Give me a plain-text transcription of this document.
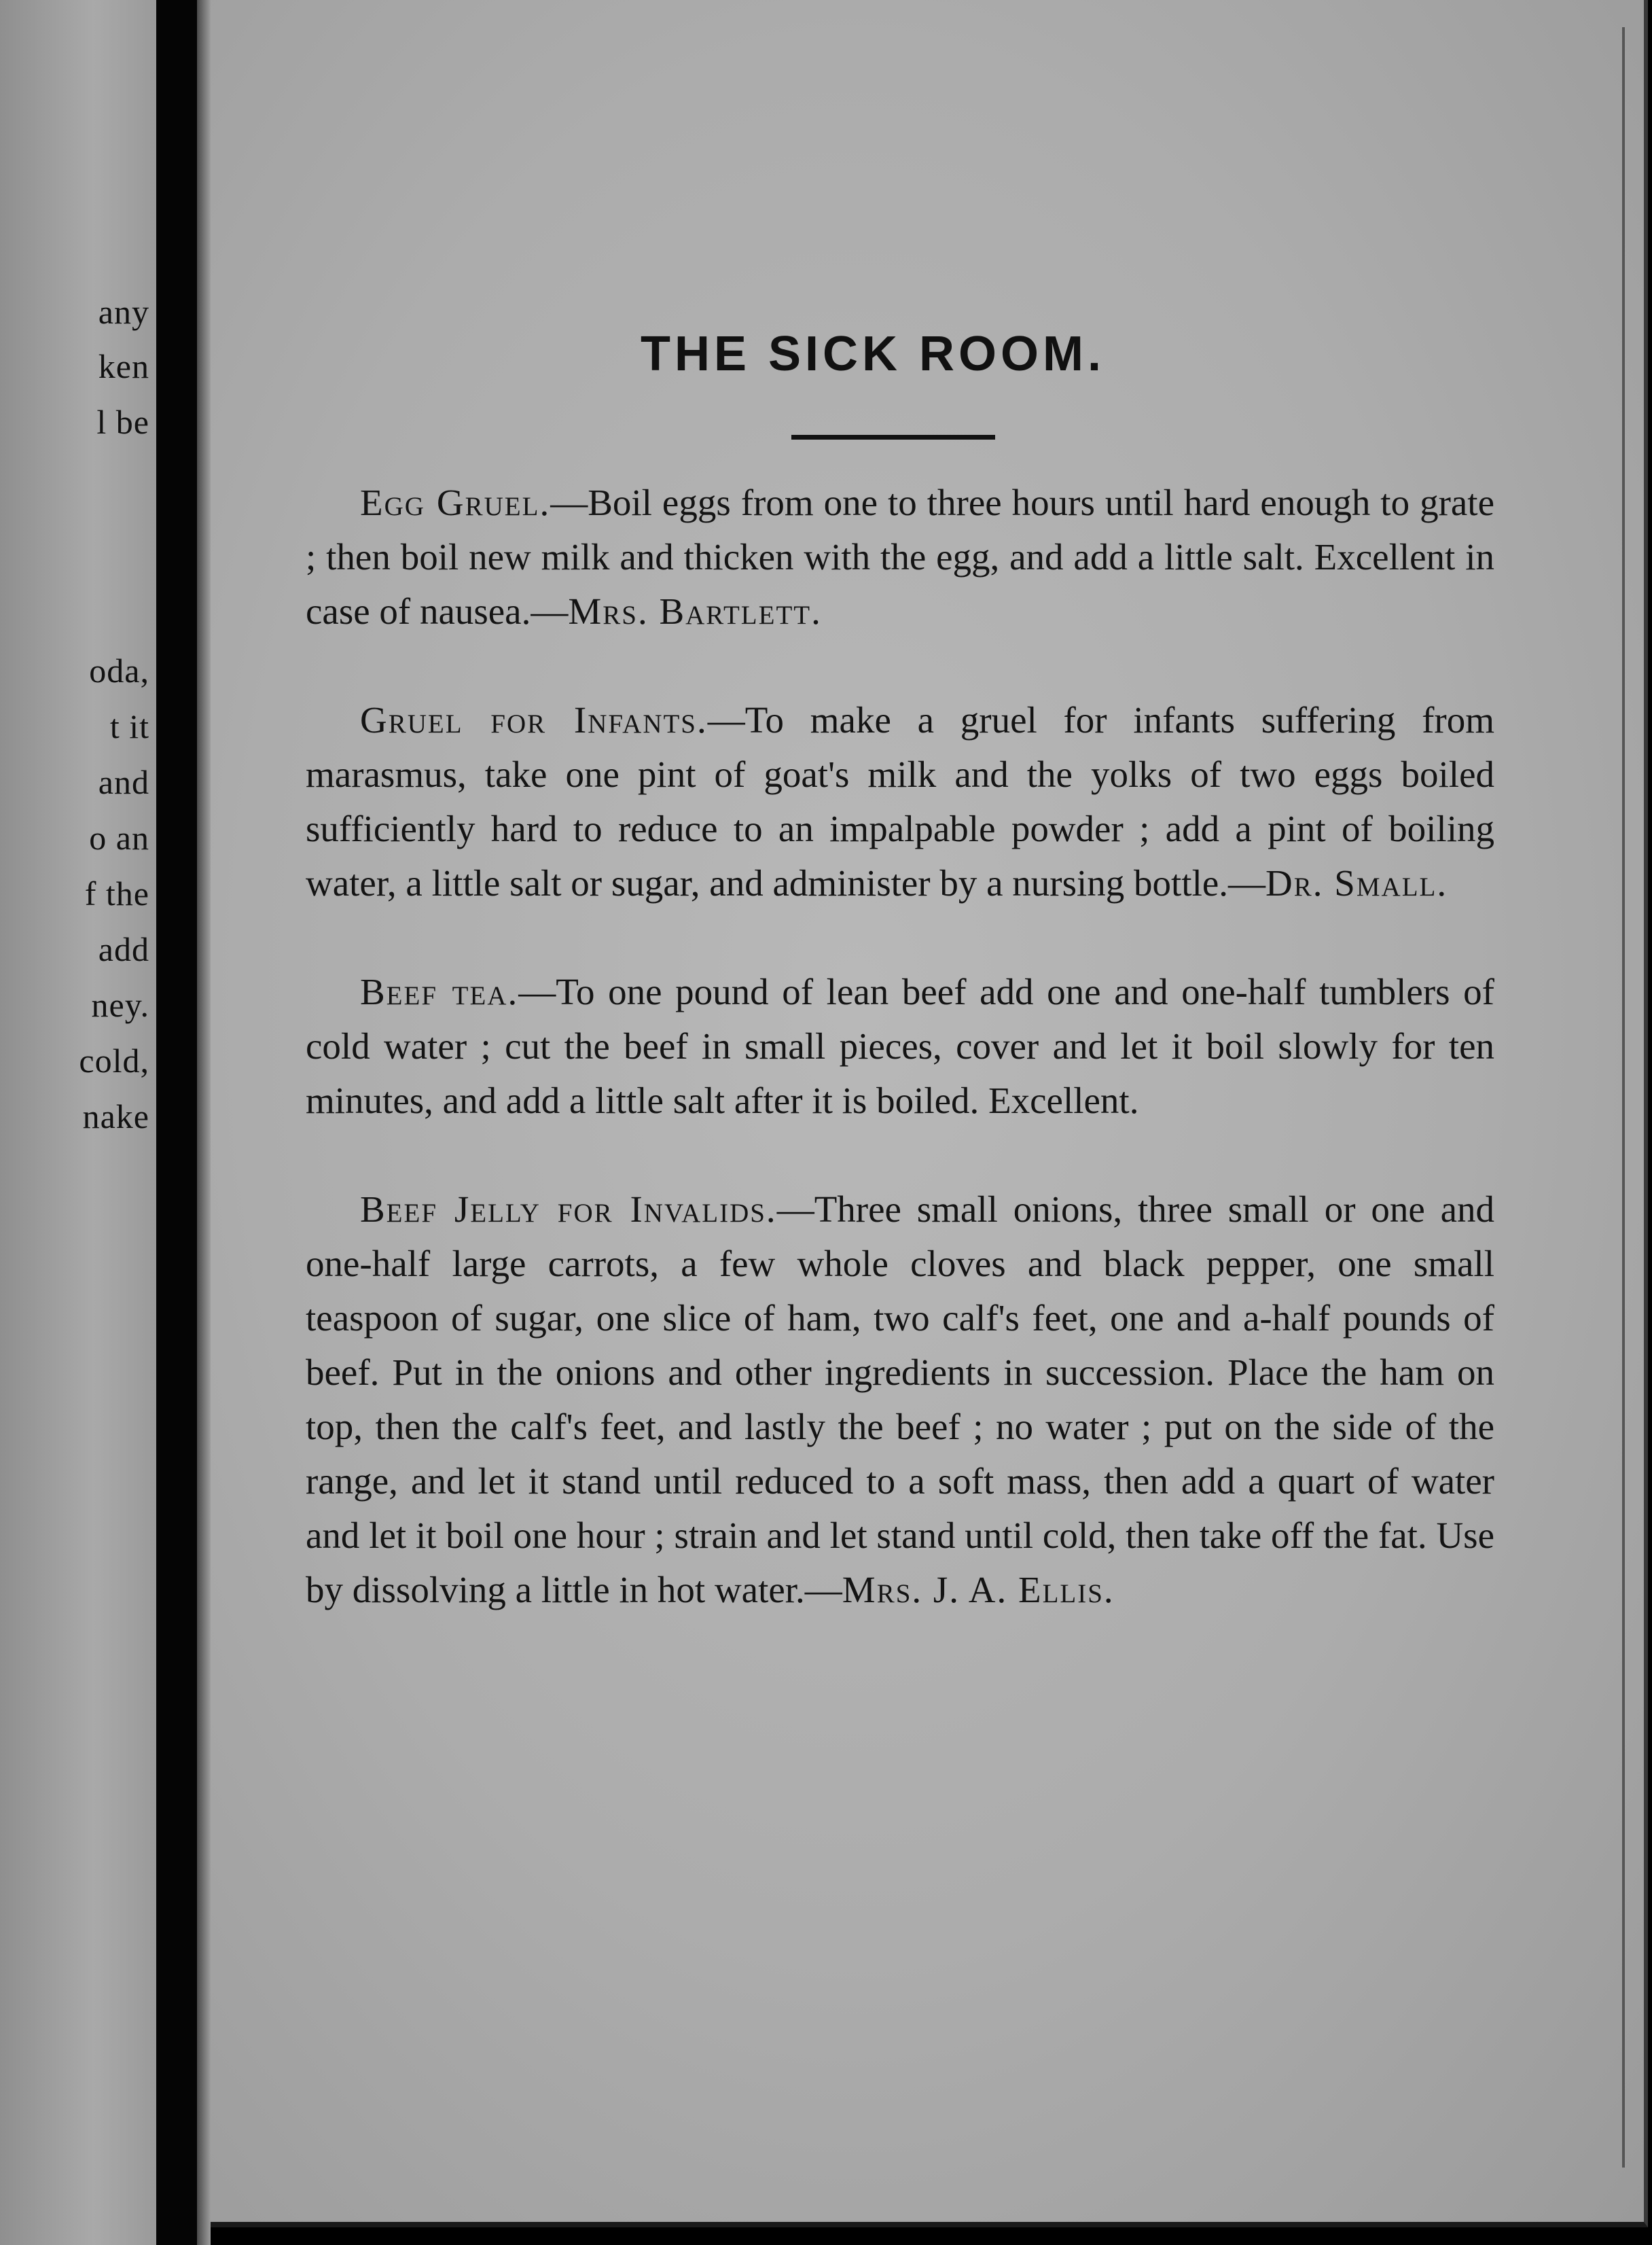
any
ken
l be
oda,
t it
and
o an
f the
add
ney.
cold,
nake
THE SICK ROOM.

Egg Gruel.—Boil eggs from one to three hours until hard enough to grate ; then boil new milk and thicken with the egg, and add a little salt. Excellent in case of nausea.—Mrs. Bartlett.

Gruel for Infants.—To make a gruel for infants suffering from marasmus, take one pint of goat's milk and the yolks of two eggs boiled sufficiently hard to reduce to an impalpable powder ; add a pint of boiling water, a little salt or sugar, and administer by a nursing bottle.—Dr. Small.

Beef tea.—To one pound of lean beef add one and one-half tumblers of cold water ; cut the beef in small pieces, cover and let it boil slowly for ten minutes, and add a little salt after it is boiled. Excellent.

Beef Jelly for Invalids.—Three small onions, three small or one and one-half large carrots, a few whole cloves and black pepper, one small teaspoon of sugar, one slice of ham, two calf's feet, one and a-half pounds of beef. Put in the onions and other ingredients in succession. Place the ham on top, then the calf's feet, and lastly the beef ; no water ; put on the side of the range, and let it stand until reduced to a soft mass, then add a quart of water and let it boil one hour ; strain and let stand until cold, then take off the fat. Use by dissolving a little in hot water.—Mrs. J. A. Ellis.
